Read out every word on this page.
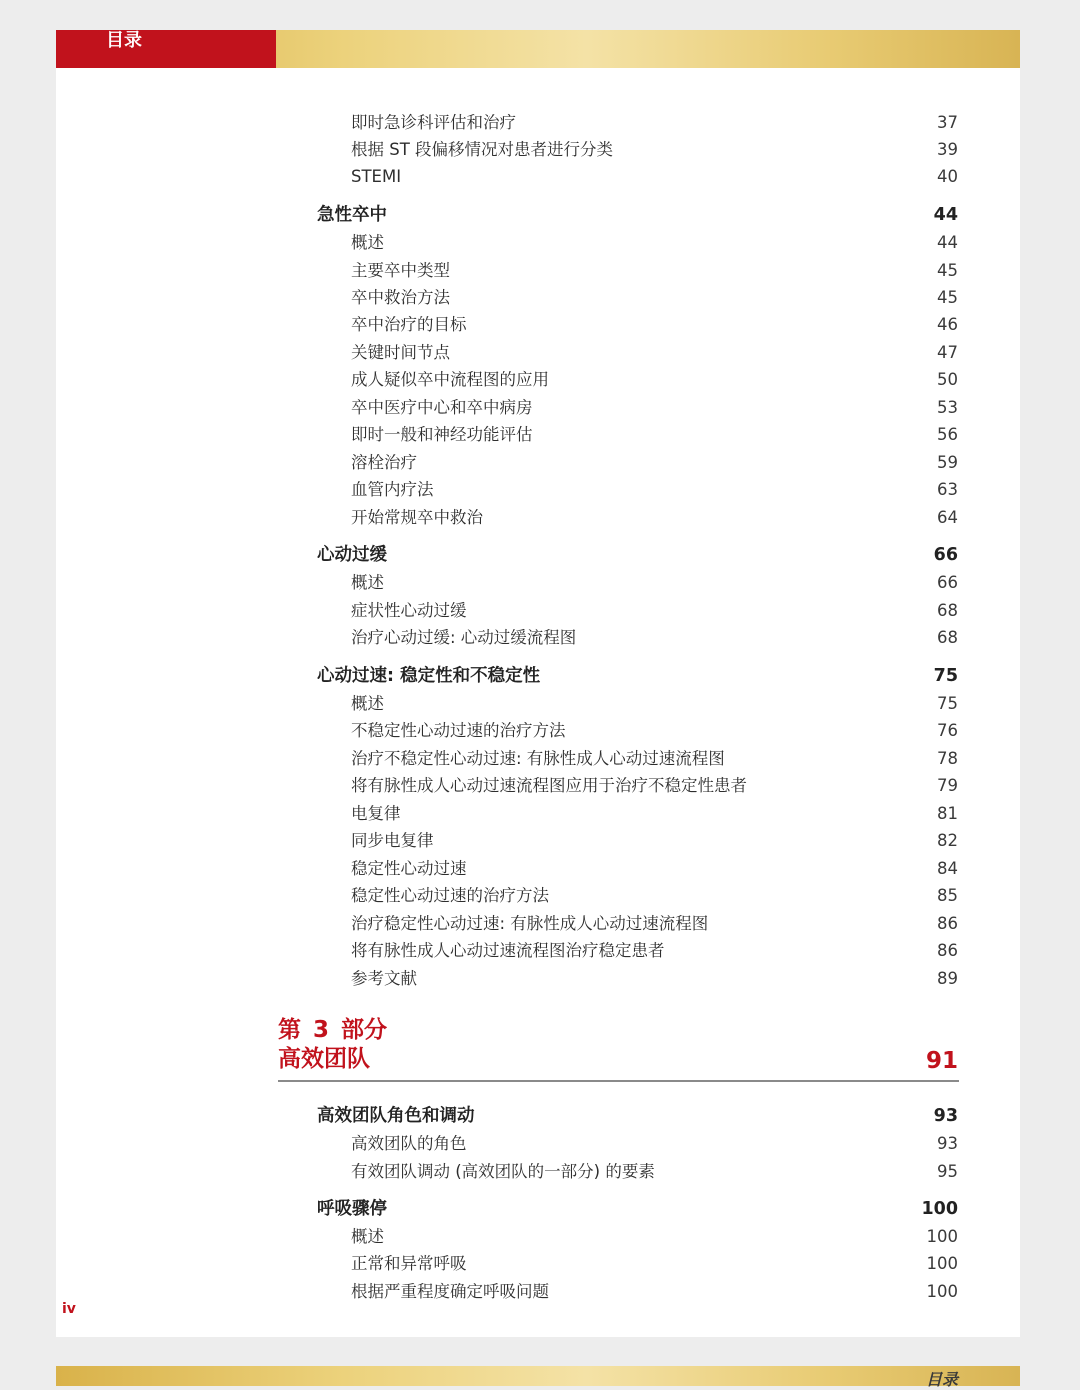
目录
即时急诊科评估和治疗	37
根据 ST 段偏移情况对患者进行分类	39
STEMI	40
急性卒中	44
概述	44
主要卒中类型	45
卒中救治方法	45
卒中治疗的目标	46
关键时间节点	47
成人疑似卒中流程图的应用	50
卒中医疗中心和卒中病房	53
即时一般和神经功能评估	56
溶栓治疗	59
血管内疗法	63
开始常规卒中救治	64
心动过缓	66
概述	66
症状性心动过缓	68
治疗心动过缓: 心动过缓流程图	68
心动过速: 稳定性和不稳定性	75
概述	75
不稳定性心动过速的治疗方法	76
治疗不稳定性心动过速: 有脉性成人心动过速流程图	78
将有脉性成人心动过速流程图应用于治疗不稳定性患者	79
电复律	81
同步电复律	82
稳定性心动过速	84
稳定性心动过速的治疗方法	85
治疗稳定性心动过速: 有脉性成人心动过速流程图	86
将有脉性成人心动过速流程图治疗稳定患者	86
参考文献	89
高效团队角色和调动	93
高效团队的角色	93
有效团队调动 (高效团队的一部分) 的要素	95
呼吸骤停	100
概述	100
正常和异常呼吸	100
根据严重程度确定呼吸问题	100
第 3 部分
高效团队	91
iv
目录
